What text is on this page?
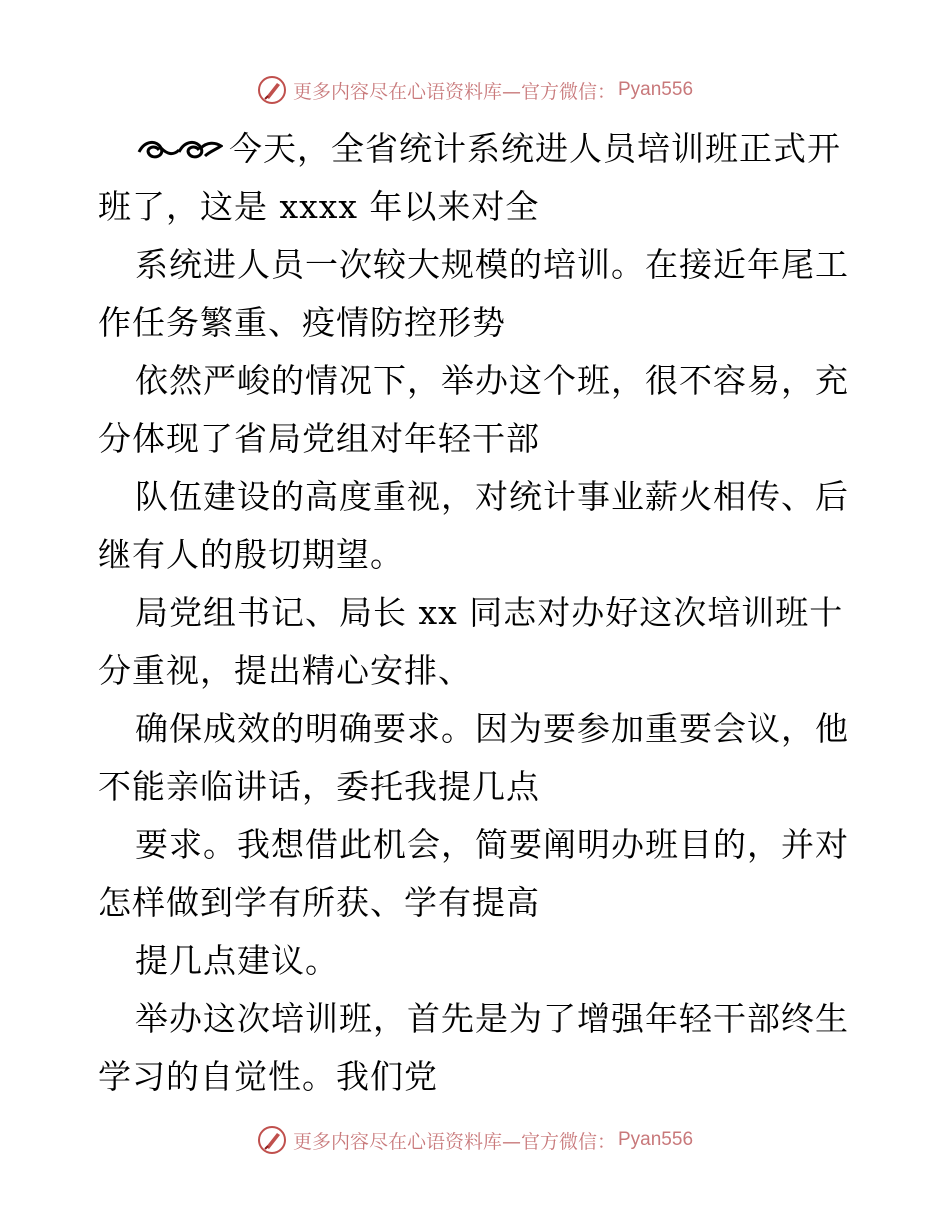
更多内容尽在心语资料库—官方微信： Pyan556
今天，全省统计系统进人员培训班正式开
班了，这是 xxxx 年以来对全
系统进人员一次较大规模的培训。在接近年尾工
作任务繁重、疫情防控形势
依然严峻的情况下，举办这个班，很不容易，充
分体现了省局党组对年轻干部
队伍建设的高度重视，对统计事业薪火相传、后
继有人的殷切期望。
局党组书记、局长 xx 同志对办好这次培训班十
分重视，提出精心安排、
确保成效的明确要求。因为要参加重要会议，他
不能亲临讲话，委托我提几点
要求。我想借此机会，简要阐明办班目的，并对
怎样做到学有所获、学有提高
提几点建议。
举办这次培训班，首先是为了增强年轻干部终生
学习的自觉性。我们党
更多内容尽在心语资料库—官方微信： Pyan556
